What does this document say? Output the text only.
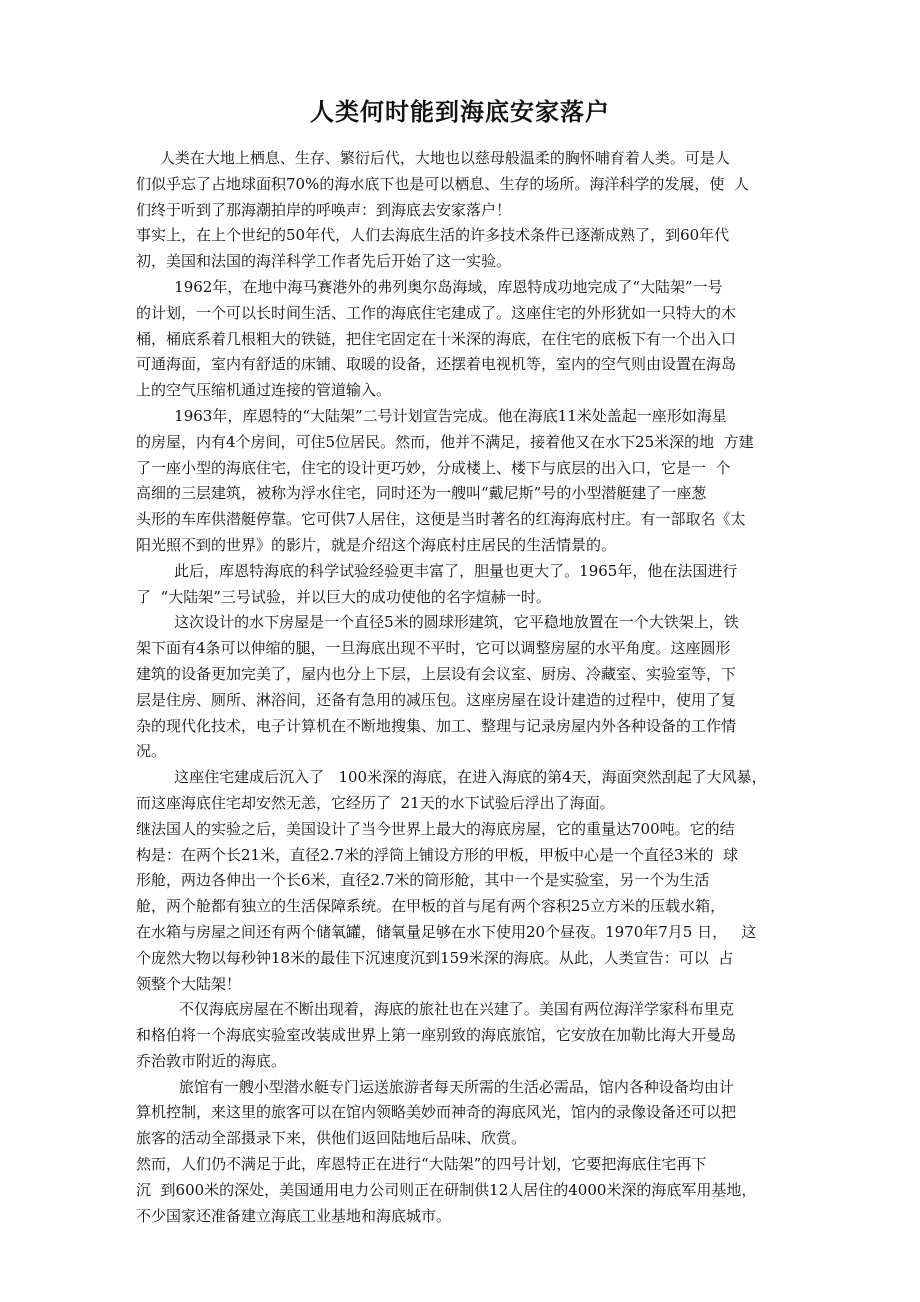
人类何时能到海底安家落户
人类在大地上栖息、生存、繁衍后代，大地也以慈母般温柔的胸怀哺育着人类。可是人
们似乎忘了占地球面积70%的海水底下也是可以栖息、生存的场所。海洋科学的发展，使  人
们终于听到了那海潮拍岸的呼唤声：到海底去安家落户！
事实上，在上个世纪的50年代，人们去海底生活的许多技术条件已逐渐成熟了，到60年代
初，美国和法国的海洋科学工作者先后开始了这一实验。
1962年，在地中海马赛港外的弗列奥尔岛海域，库恩特成功地完成了“大陆架”一号
的计划，一个可以长时间生活、工作的海底住宅建成了。这座住宅的外形犹如一只特大的木
桶，桶底系着几根粗大的铁链，把住宅固定在十米深的海底，在住宅的底板下有一个出入口
可通海面，室内有舒适的床铺、取暖的设备，还摆着电视机等，室内的空气则由设置在海岛
上的空气压缩机通过连接的管道输入。
1963年，库恩特的“大陆架”二号计划宣告完成。他在海底11米处盖起一座形如海星
的房屋，内有4个房间，可住5位居民。然而，他并不满足，接着他又在水下25米深的地  方建
了一座小型的海底住宅，住宅的设计更巧妙，分成楼上、楼下与底层的出入口，它是一  个
高细的三层建筑，被称为浮水住宅，同时还为一艘叫“戴尼斯”号的小型潜艇建了一座葱
头形的车库供潜艇停靠。它可供7人居住，这便是当时著名的红海海底村庄。有一部取名《太
阳光照不到的世界》的影片，就是介绍这个海底村庄居民的生活情景的。
此后，库恩特海底的科学试验经验更丰富了，胆量也更大了。1965年，他在法国进行
了  “大陆架”三号试验，并以巨大的成功使他的名字煊赫一时。
这次设计的水下房屋是一个直径5米的圆球形建筑，它平稳地放置在一个大铁架上，铁
架下面有4条可以伸缩的腿，一旦海底出现不平时，它可以调整房屋的水平角度。这座圆形
建筑的设备更加完美了，屋内也分上下层，上层设有会议室、厨房、冷藏室、实验室等，下
层是住房、厕所、淋浴间，还备有急用的减压包。这座房屋在设计建造的过程中，使用了复
杂的现代化技术，电子计算机在不断地搜集、加工、整理与记录房屋内外各种设备的工作情
况。
这座住宅建成后沉入了   100米深的海底，在进入海底的第4天，海面突然刮起了大风暴，
而这座海底住宅却安然无恙，它经历了  21天的水下试验后浮出了海面。
继法国人的实验之后，美国设计了当今世界上最大的海底房屋，它的重量达700吨。它的结
构是：在两个长21米，直径2.7米的浮筒上铺设方形的甲板，甲板中心是一个直径3米的  球
形舱，两边各伸出一个长6米，直径2.7米的筒形舱，其中一个是实验室，另一个为生活
舱，两个舱都有独立的生活保障系统。在甲板的首与尾有两个容积25立方米的压载水箱，
在水箱与房屋之间还有两个储氧罐，储氧量足够在水下使用20个昼夜。1970年7月5 日，   这
个庞然大物以每秒钟18米的最佳下沉速度沉到159米深的海底。从此，人类宣告：可以  占
领整个大陆架！
不仅海底房屋在不断出现着，海底的旅社也在兴建了。美国有两位海洋学家科布里克
和格伯将一个海底实验室改装成世界上第一座别致的海底旅馆，它安放在加勒比海大开曼岛
乔治敦市附近的海底。
旅馆有一艘小型潜水艇专门运送旅游者每天所需的生活必需品，馆内各种设备均由计
算机控制，来这里的旅客可以在馆内领略美妙而神奇的海底风光，馆内的录像设备还可以把
旅客的活动全部摄录下来，供他们返回陆地后品味、欣赏。
然而，人们仍不满足于此，库恩特正在进行“大陆架”的四号计划，它要把海底住宅再下
沉  到600米的深处，美国通用电力公司则正在研制供12人居住的4000米深的海底军用基地，
不少国家还准备建立海底工业基地和海底城市。
